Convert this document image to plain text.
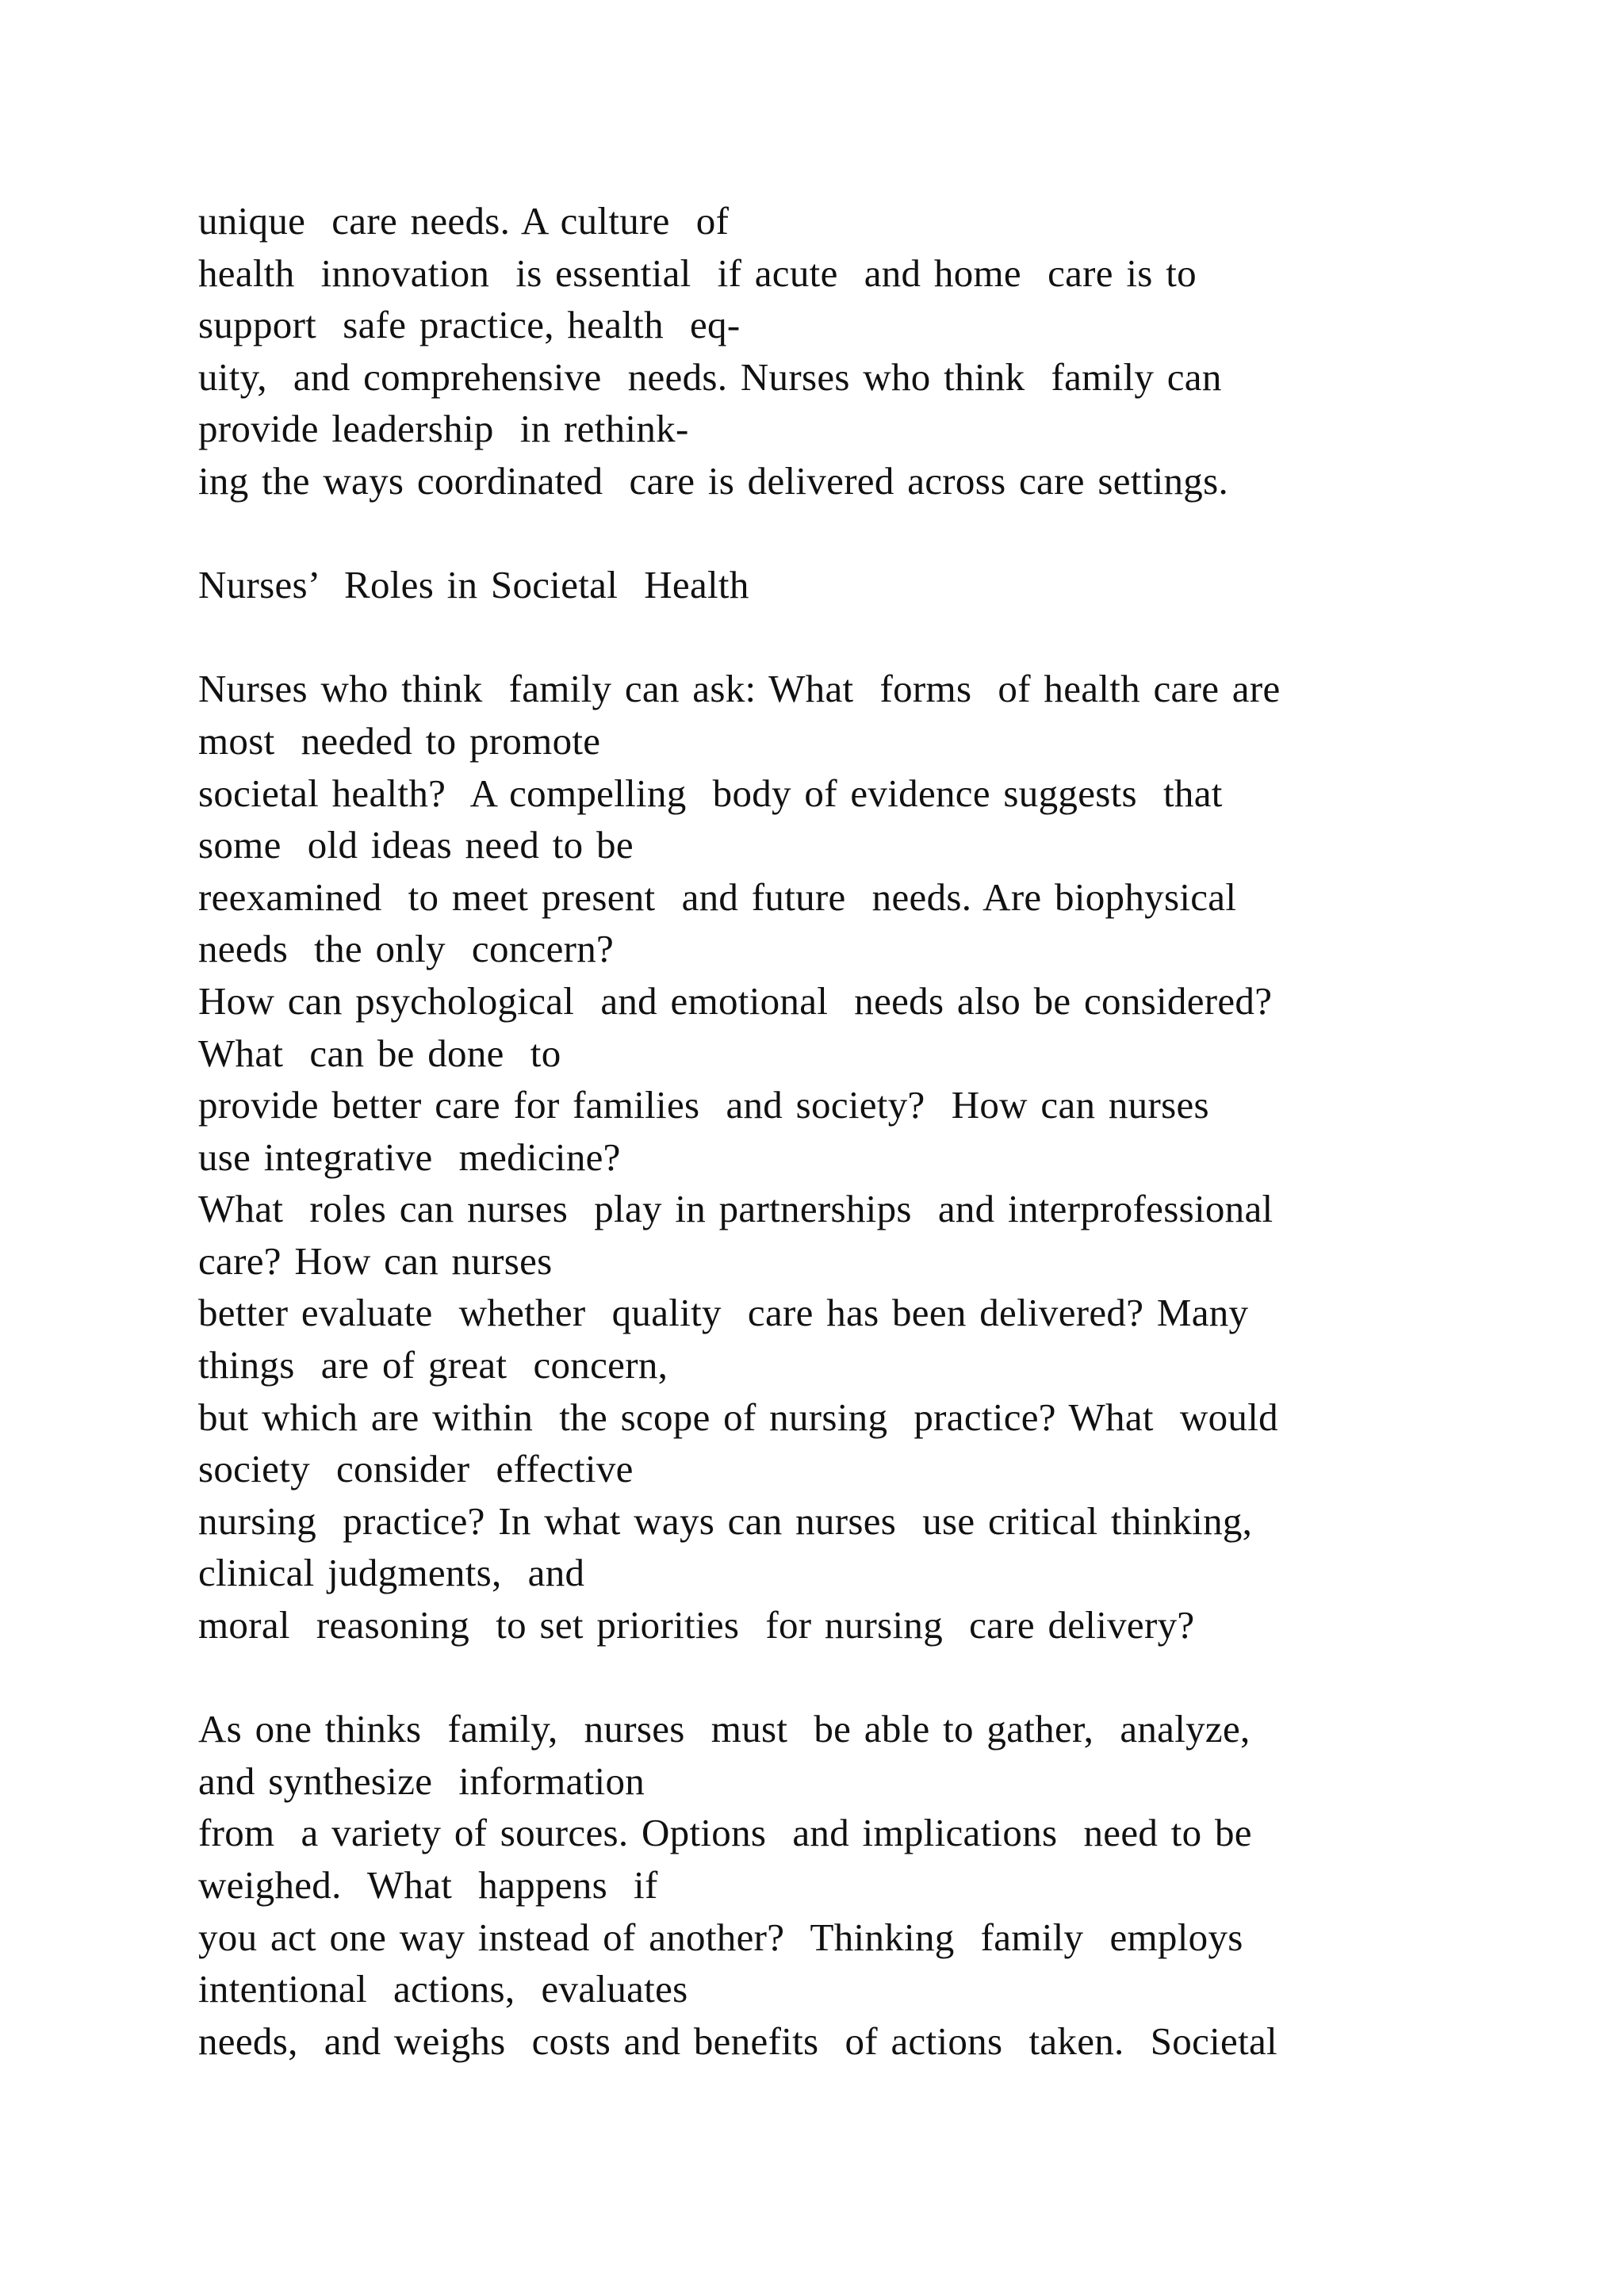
unique  care needs. A culture  of
health  innovation  is essential  if acute  and home  care is to
support  safe practice, health  eq-
uity,  and comprehensive  needs. Nurses who think  family can
provide leadership  in rethink-
ing the ways coordinated  care is delivered across care settings.
Nurses’  Roles in Societal  Health
Nurses who think  family can ask: What  forms  of health care are
most  needed to promote
societal health?  A compelling  body of evidence suggests  that
some  old ideas need to be
reexamined  to meet present  and future  needs. Are biophysical
needs  the only  concern?
How can psychological  and emotional  needs also be considered?
What  can be done  to
provide better care for families  and society?  How can nurses
use integrative  medicine?
What  roles can nurses  play in partnerships  and interprofessional
care? How can nurses
better evaluate  whether  quality  care has been delivered? Many
things  are of great  concern,
but which are within  the scope of nursing  practice? What  would
society  consider  effective
nursing  practice? In what ways can nurses  use critical thinking,
clinical judgments,  and
moral  reasoning  to set priorities  for nursing  care delivery?
As one thinks  family,  nurses  must  be able to gather,  analyze,
and synthesize  information
from  a variety of sources. Options  and implications  need to be
weighed.  What  happens  if
you act one way instead of another?  Thinking  family  employs
intentional  actions,  evaluates
needs,  and weighs  costs and benefits  of actions  taken.  Societal
